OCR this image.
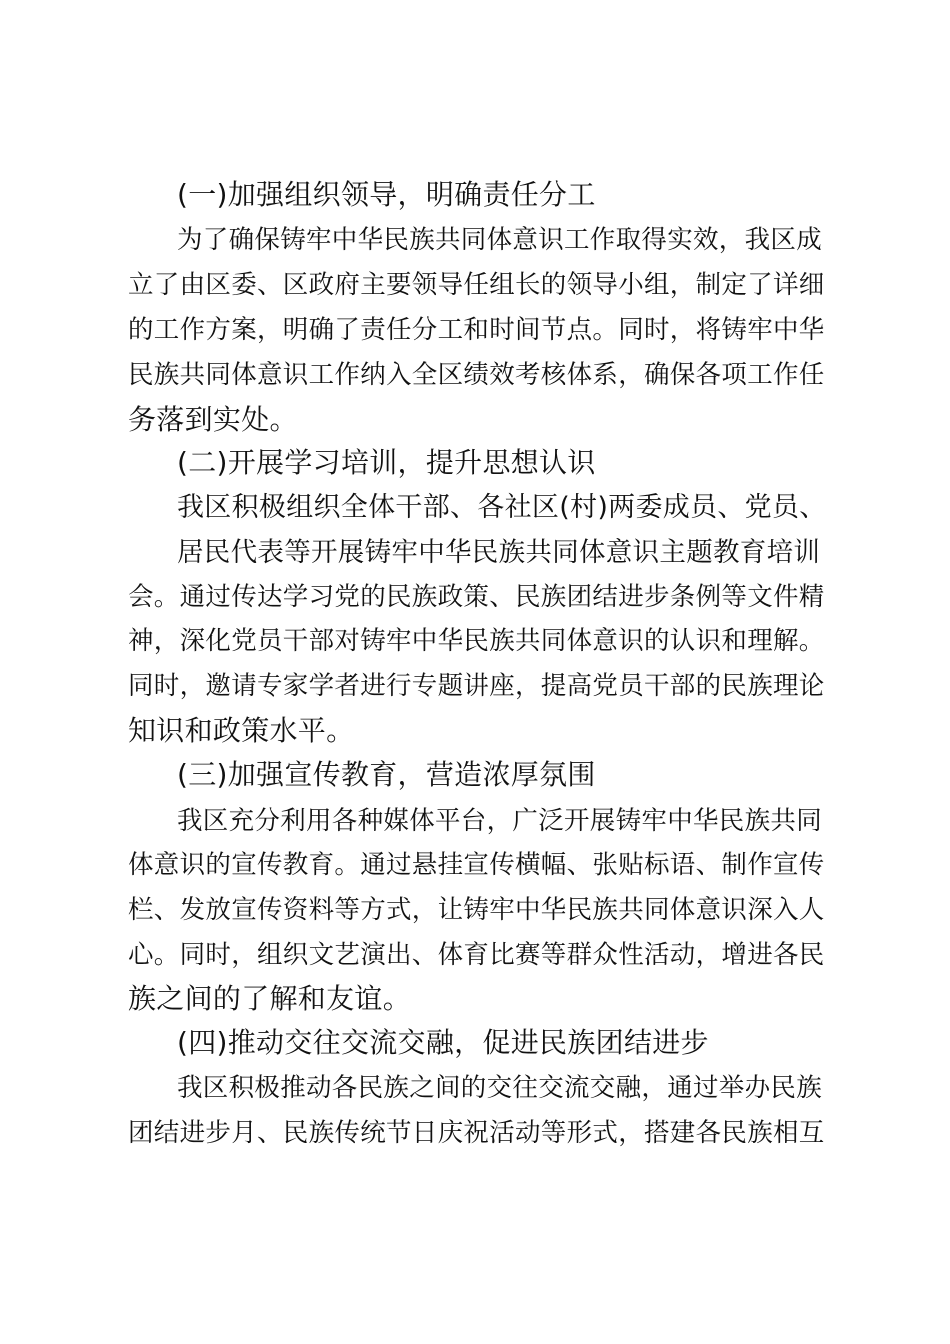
(一)加强组织领导，明确责任分工
为了确保铸牢中华民族共同体意识工作取得实效，我区成
立了由区委、区政府主要领导任组长的领导小组，制定了详细
的工作方案，明确了责任分工和时间节点。同时，将铸牢中华
民族共同体意识工作纳入全区绩效考核体系，确保各项工作任
务落到实处。
(二)开展学习培训，提升思想认识
我区积极组织全体干部、各社区(村)两委成员、党员、
居民代表等开展铸牢中华民族共同体意识主题教育培训
会。通过传达学习党的民族政策、民族团结进步条例等文件精
神，深化党员干部对铸牢中华民族共同体意识的认识和理解。
同时，邀请专家学者进行专题讲座，提高党员干部的民族理论
知识和政策水平。
(三)加强宣传教育，营造浓厚氛围
我区充分利用各种媒体平台，广泛开展铸牢中华民族共同
体意识的宣传教育。通过悬挂宣传横幅、张贴标语、制作宣传
栏、发放宣传资料等方式，让铸牢中华民族共同体意识深入人
心。同时，组织文艺演出、体育比赛等群众性活动，增进各民
族之间的了解和友谊。
(四)推动交往交流交融，促进民族团结进步
我区积极推动各民族之间的交往交流交融，通过举办民族
团结进步月、民族传统节日庆祝活动等形式，搭建各民族相互
